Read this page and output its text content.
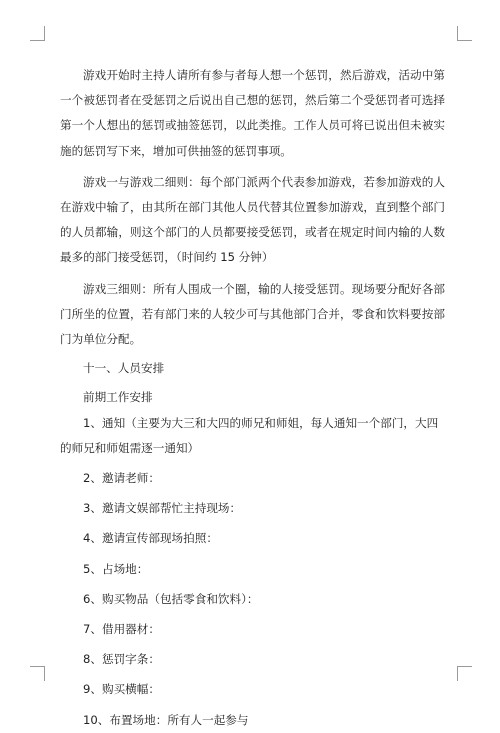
游戏开始时主持人请所有参与者每人想一个惩罚，然后游戏，活动中第一个被惩罚者在受惩罚之后说出自己想的惩罚，然后第二个受惩罚者可选择第一个人想出的惩罚或抽签惩罚，以此类推。工作人员可将已说出但未被实施的惩罚写下来，增加可供抽签的惩罚事项。

游戏一与游戏二细则：每个部门派两个代表参加游戏，若参加游戏的人在游戏中输了，由其所在部门其他人员代替其位置参加游戏，直到整个部门的人员都输，则这个部门的人员都要接受惩罚，或者在规定时间内输的人数最多的部门接受惩罚，（时间约 15 分钟）

游戏三细则：所有人围成一个圈，输的人接受惩罚。现场要分配好各部门所坐的位置，若有部门来的人较少可与其他部门合并，零食和饮料要按部门为单位分配。

十一、人员安排

前期工作安排

1、通知（主要为大三和大四的师兄和师姐，每人通知一个部门，大四的师兄和师姐需逐一通知）

2、邀请老师：

3、邀请文娱部帮忙主持现场：

4、邀请宣传部现场拍照：

5、占场地：

6、购买物品（包括零食和饮料）：

7、借用器材：

8、惩罚字条：

9、购买横幅：

10、布置场地：所有人一起参与
